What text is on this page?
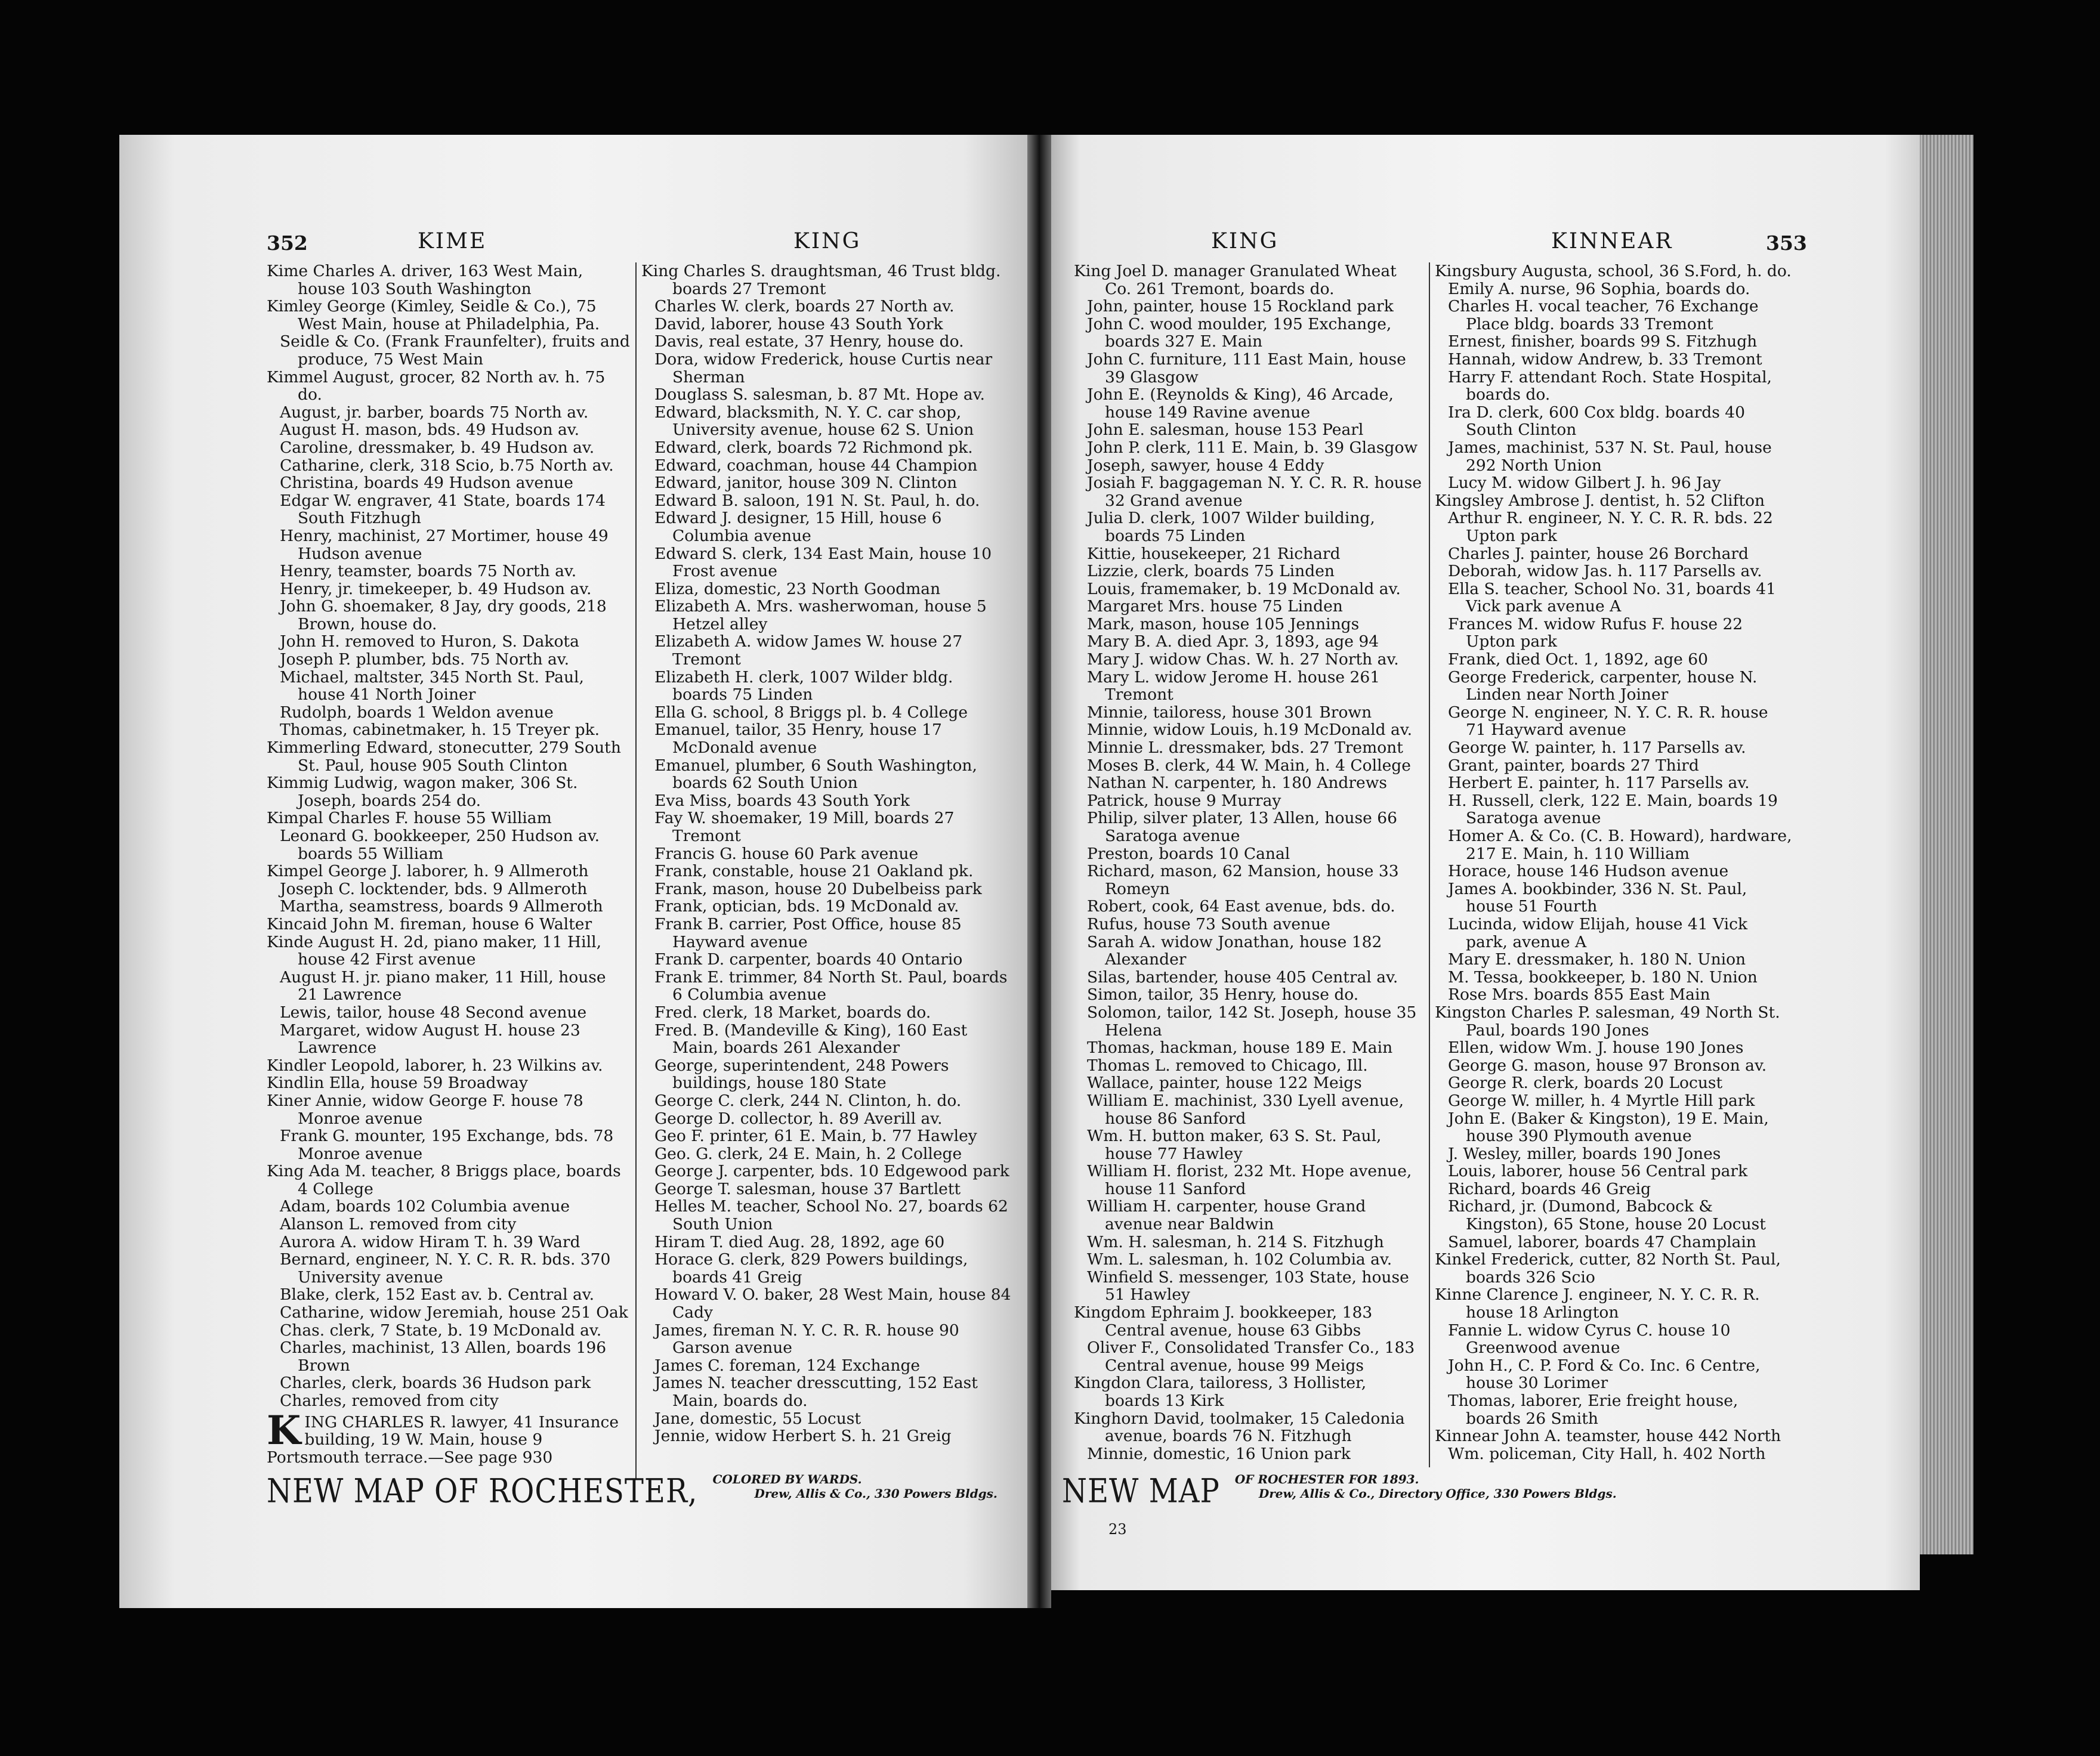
352	KIME	KING	KING	KINNEAR	353
Kime Charles A. driver, 163 West Main, house 103 South Washington
Kimley George (Kimley, Seidle & Co.), 75 West Main, house at Philadelphia, Pa.
Seidle & Co. (Frank Fraunfelter), fruits and produce, 75 West Main
Kimmel August, grocer, 82 North av. h. 75 do.
August, jr. barber, boards 75 North av.
August H. mason, bds. 49 Hudson av.
Caroline, dressmaker, b. 49 Hudson av.
Catharine, clerk, 318 Scio, b.75 North av.
Christina, boards 49 Hudson avenue
Edgar W. engraver, 41 State, boards 174 South Fitzhugh
Henry, machinist, 27 Mortimer, house 49 Hudson avenue
Henry, teamster, boards 75 North av.
Henry, jr. timekeeper, b. 49 Hudson av.
John G. shoemaker, 8 Jay, dry goods, 218 Brown, house do.
John H. removed to Huron, S. Dakota
Joseph P. plumber, bds. 75 North av.
Michael, maltster, 345 North St. Paul, house 41 North Joiner
Rudolph, boards 1 Weldon avenue
Thomas, cabinetmaker, h. 15 Treyer pk.
Kimmerling Edward, stonecutter, 279 South St. Paul, house 905 South Clinton
Kimmig Ludwig, wagon maker, 306 St. Joseph, boards 254 do.
Kimpal Charles F. house 55 William
Leonard G. bookkeeper, 250 Hudson av. boards 55 William
Kimpel George J. laborer, h. 9 Allmeroth
Joseph C. locktender, bds. 9 Allmeroth
Martha, seamstress, boards 9 Allmeroth
Kincaid John M. fireman, house 6 Walter
Kinde August H. 2d, piano maker, 11 Hill, house 42 First avenue
August H. jr. piano maker, 11 Hill, house 21 Lawrence
Lewis, tailor, house 48 Second avenue
Margaret, widow August H. house 23 Lawrence
Kindler Leopold, laborer, h. 23 Wilkins av.
Kindlin Ella, house 59 Broadway
Kiner Annie, widow George F. house 78 Monroe avenue
Frank G. mounter, 195 Exchange, bds. 78 Monroe avenue
King Ada M. teacher, 8 Briggs place, boards 4 College
Adam, boards 102 Columbia avenue
Alanson L. removed from city
Aurora A. widow Hiram T. h. 39 Ward
Bernard, engineer, N. Y. C. R. R. bds. 370 University avenue
Blake, clerk, 152 East av. b. Central av.
Catharine, widow Jeremiah, house 251 Oak
Chas. clerk, 7 State, b. 19 McDonald av.
Charles, machinist, 13 Allen, boards 196 Brown
Charles, clerk, boards 36 Hudson park
Charles, removed from city
K ING CHARLES R. lawyer, 41 Insurance building, 19 W. Main, house 9 Portsmouth terrace.—See page 930
King Charles S. draughtsman, 46 Trust bldg. boards 27 Tremont
Charles W. clerk, boards 27 North av.
David, laborer, house 43 South York
Davis, real estate, 37 Henry, house do.
Dora, widow Frederick, house Curtis near Sherman
Douglass S. salesman, b. 87 Mt. Hope av.
Edward, blacksmith, N. Y. C. car shop, University avenue, house 62 S. Union
Edward, clerk, boards 72 Richmond pk.
Edward, coachman, house 44 Champion
Edward, janitor, house 309 N. Clinton
Edward B. saloon, 191 N. St. Paul, h. do.
Edward J. designer, 15 Hill, house 6 Columbia avenue
Edward S. clerk, 134 East Main, house 10 Frost avenue
Eliza, domestic, 23 North Goodman
Elizabeth A. Mrs. washerwoman, house 5 Hetzel alley
Elizabeth A. widow James W. house 27 Tremont
Elizabeth H. clerk, 1007 Wilder bldg. boards 75 Linden
Ella G. school, 8 Briggs pl. b. 4 College
Emanuel, tailor, 35 Henry, house 17 McDonald avenue
Emanuel, plumber, 6 South Washington, boards 62 South Union
Eva Miss, boards 43 South York
Fay W. shoemaker, 19 Mill, boards 27 Tremont
Francis G. house 60 Park avenue
Frank, constable, house 21 Oakland pk.
Frank, mason, house 20 Dubelbeiss park
Frank, optician, bds. 19 McDonald av.
Frank B. carrier, Post Office, house 85 Hayward avenue
Frank D. carpenter, boards 40 Ontario
Frank E. trimmer, 84 North St. Paul, boards 6 Columbia avenue
Fred. clerk, 18 Market, boards do.
Fred. B. (Mandeville & King), 160 East Main, boards 261 Alexander
George, superintendent, 248 Powers buildings, house 180 State
George C. clerk, 244 N. Clinton, h. do.
George D. collector, h. 89 Averill av.
Geo F. printer, 61 E. Main, b. 77 Hawley
Geo. G. clerk, 24 E. Main, h. 2 College
George J. carpenter, bds. 10 Edgewood park
George T. salesman, house 37 Bartlett
Helles M. teacher, School No. 27, boards 62 South Union
Hiram T. died Aug. 28, 1892, age 60
Horace G. clerk, 829 Powers buildings, boards 41 Greig
Howard V. O. baker, 28 West Main, house 84 Cady
James, fireman N. Y. C. R. R. house 90 Garson avenue
James C. foreman, 124 Exchange
James N. teacher dresscutting, 152 East Main, boards do.
Jane, domestic, 55 Locust
Jennie, widow Herbert S. h. 21 Greig
King Joel D. manager Granulated Wheat Co. 261 Tremont, boards do.
John, painter, house 15 Rockland park
John C. wood moulder, 195 Exchange, boards 327 E. Main
John C. furniture, 111 East Main, house 39 Glasgow
John E. (Reynolds & King), 46 Arcade, house 149 Ravine avenue
John E. salesman, house 153 Pearl
John P. clerk, 111 E. Main, b. 39 Glasgow
Joseph, sawyer, house 4 Eddy
Josiah F. baggageman N. Y. C. R. R. house 32 Grand avenue
Julia D. clerk, 1007 Wilder building, boards 75 Linden
Kittie, housekeeper, 21 Richard
Lizzie, clerk, boards 75 Linden
Louis, framemaker, b. 19 McDonald av.
Margaret Mrs. house 75 Linden
Mark, mason, house 105 Jennings
Mary B. A. died Apr. 3, 1893, age 94
Mary J. widow Chas. W. h. 27 North av.
Mary L. widow Jerome H. house 261 Tremont
Minnie, tailoress, house 301 Brown
Minnie, widow Louis, h.19 McDonald av.
Minnie L. dressmaker, bds. 27 Tremont
Moses B. clerk, 44 W. Main, h. 4 College
Nathan N. carpenter, h. 180 Andrews
Patrick, house 9 Murray
Philip, silver plater, 13 Allen, house 66 Saratoga avenue
Preston, boards 10 Canal
Richard, mason, 62 Mansion, house 33 Romeyn
Robert, cook, 64 East avenue, bds. do.
Rufus, house 73 South avenue
Sarah A. widow Jonathan, house 182 Alexander
Silas, bartender, house 405 Central av.
Simon, tailor, 35 Henry, house do.
Solomon, tailor, 142 St. Joseph, house 35 Helena
Thomas, hackman, house 189 E. Main
Thomas L. removed to Chicago, Ill.
Wallace, painter, house 122 Meigs
William E. machinist, 330 Lyell avenue, house 86 Sanford
Wm. H. button maker, 63 S. St. Paul, house 77 Hawley
William H. florist, 232 Mt. Hope avenue, house 11 Sanford
William H. carpenter, house Grand avenue near Baldwin
Wm. H. salesman, h. 214 S. Fitzhugh
Wm. L. salesman, h. 102 Columbia av.
Winfield S. messenger, 103 State, house 51 Hawley
Kingdom Ephraim J. bookkeeper, 183 Central avenue, house 63 Gibbs
Oliver F., Consolidated Transfer Co., 183 Central avenue, house 99 Meigs
Kingdon Clara, tailoress, 3 Hollister, boards 13 Kirk
Kinghorn David, toolmaker, 15 Caledonia avenue, boards 76 N. Fitzhugh
Minnie, domestic, 16 Union park
Kingsbury Augusta, school, 36 S.Ford, h. do.
Emily A. nurse, 96 Sophia, boards do.
Charles H. vocal teacher, 76 Exchange Place bldg. boards 33 Tremont
Ernest, finisher, boards 99 S. Fitzhugh
Hannah, widow Andrew, b. 33 Tremont
Harry F. attendant Roch. State Hospital, boards do.
Ira D. clerk, 600 Cox bldg. boards 40 South Clinton
James, machinist, 537 N. St. Paul, house 292 North Union
Lucy M. widow Gilbert J. h. 96 Jay
Kingsley Ambrose J. dentist, h. 52 Clifton
Arthur R. engineer, N. Y. C. R. R. bds. 22 Upton park
Charles J. painter, house 26 Borchard
Deborah, widow Jas. h. 117 Parsells av.
Ella S. teacher, School No. 31, boards 41 Vick park avenue A
Frances M. widow Rufus F. house 22 Upton park
Frank, died Oct. 1, 1892, age 60
George Frederick, carpenter, house N. Linden near North Joiner
George N. engineer, N. Y. C. R. R. house 71 Hayward avenue
George W. painter, h. 117 Parsells av.
Grant, painter, boards 27 Third
Herbert E. painter, h. 117 Parsells av.
H. Russell, clerk, 122 E. Main, boards 19 Saratoga avenue
Homer A. & Co. (C. B. Howard), hardware, 217 E. Main, h. 110 William
Horace, house 146 Hudson avenue
James A. bookbinder, 336 N. St. Paul, house 51 Fourth
Lucinda, widow Elijah, house 41 Vick park, avenue A
Mary E. dressmaker, h. 180 N. Union
M. Tessa, bookkeeper, b. 180 N. Union
Rose Mrs. boards 855 East Main
Kingston Charles P. salesman, 49 North St. Paul, boards 190 Jones
Ellen, widow Wm. J. house 190 Jones
George G. mason, house 97 Bronson av.
George R. clerk, boards 20 Locust
George W. miller, h. 4 Myrtle Hill park
John E. (Baker & Kingston), 19 E. Main, house 390 Plymouth avenue
J. Wesley, miller, boards 190 Jones
Louis, laborer, house 56 Central park
Richard, boards 46 Greig
Richard, jr. (Dumond, Babcock & Kingston), 65 Stone, house 20 Locust
Samuel, laborer, boards 47 Champlain
Kinkel Frederick, cutter, 82 North St. Paul, boards 326 Scio
Kinne Clarence J. engineer, N. Y. C. R. R. house 18 Arlington
Fannie L. widow Cyrus C. house 10 Greenwood avenue
John H., C. P. Ford & Co. Inc. 6 Centre, house 30 Lorimer
Thomas, laborer, Erie freight house, boards 26 Smith
Kinnear John A. teamster, house 442 North
Wm. policeman, City Hall, h. 402 North
NEW MAP OF ROCHESTER, COLORED BY WARDS.
Drew, Allis & Co., 330 Powers Bldgs. NEW MAP OF ROCHESTER FOR 1893.
Drew, Allis & Co., Directory Office, 330 Powers Bldgs.
23
